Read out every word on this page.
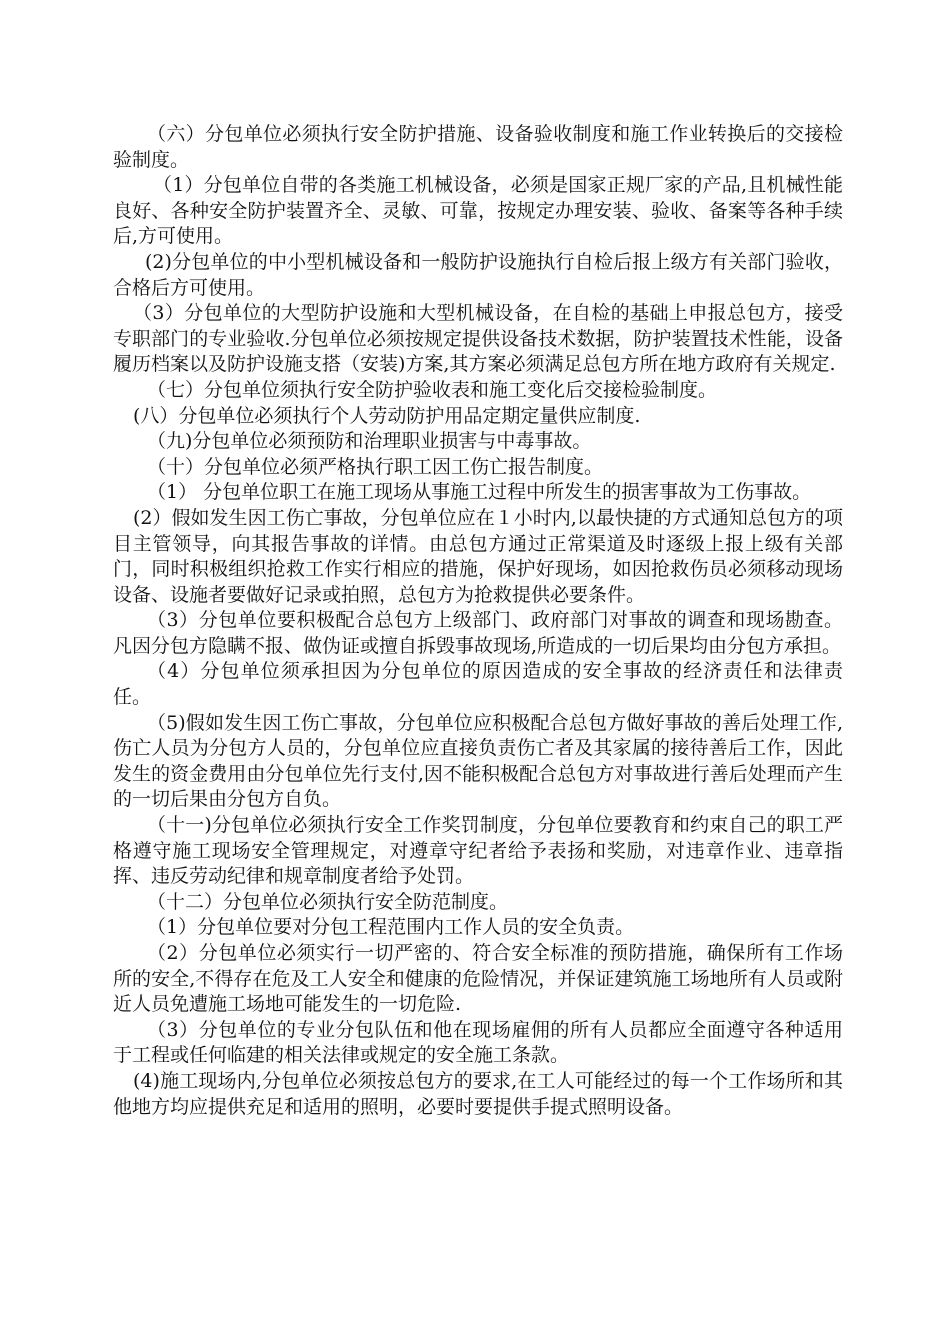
（六）分包单位必须执行安全防护措施、设备验收制度和施工作业转换后的交接检验制度。

（1）分包单位自带的各类施工机械设备，必须是国家正规厂家的产品,且机械性能良好、各种安全防护装置齐全、灵敏、可靠，按规定办理安装、验收、备案等各种手续后,方可使用。

(2)分包单位的中小型机械设备和一般防护设施执行自检后报上级方有关部门验收，合格后方可使用。

（3）分包单位的大型防护设施和大型机械设备，在自检的基础上申报总包方，接受专职部门的专业验收.分包单位必须按规定提供设备技术数据，防护装置技术性能，设备履历档案以及防护设施支搭（安装)方案,其方案必须满足总包方所在地方政府有关规定.

（七）分包单位须执行安全防护验收表和施工变化后交接检验制度。

(八）分包单位必须执行个人劳动防护用品定期定量供应制度.

（九)分包单位必须预防和治理职业损害与中毒事故。

（十）分包单位必须严格执行职工因工伤亡报告制度。

（1） 分包单位职工在施工现场从事施工过程中所发生的损害事故为工伤事故。

(2）假如发生因工伤亡事故，分包单位应在１小时内,以最快捷的方式通知总包方的项目主管领导，向其报告事故的详情。由总包方通过正常渠道及时逐级上报上级有关部门，同时积极组织抢救工作实行相应的措施，保护好现场，如因抢救伤员必须移动现场设备、设施者要做好记录或拍照，总包方为抢救提供必要条件。

（3）分包单位要积极配合总包方上级部门、政府部门对事故的调查和现场勘查。凡因分包方隐瞒不报、做伪证或擅自拆毁事故现场,所造成的一切后果均由分包方承担。

（4）分包单位须承担因为分包单位的原因造成的安全事故的经济责任和法律责任。

（5)假如发生因工伤亡事故，分包单位应积极配合总包方做好事故的善后处理工作,伤亡人员为分包方人员的，分包单位应直接负责伤亡者及其家属的接待善后工作，因此发生的资金费用由分包单位先行支付,因不能积极配合总包方对事故进行善后处理而产生的一切后果由分包方自负。

（十一)分包单位必须执行安全工作奖罚制度，分包单位要教育和约束自己的职工严格遵守施工现场安全管理规定，对遵章守纪者给予表扬和奖励，对违章作业、违章指挥、违反劳动纪律和规章制度者给予处罚。

（十二）分包单位必须执行安全防范制度。

（1）分包单位要对分包工程范围内工作人员的安全负责。

（2）分包单位必须实行一切严密的、符合安全标准的预防措施，确保所有工作场所的安全,不得存在危及工人安全和健康的危险情况，并保证建筑施工场地所有人员或附近人员免遭施工场地可能发生的一切危险.

（3）分包单位的专业分包队伍和他在现场雇佣的所有人员都应全面遵守各种适用于工程或任何临建的相关法律或规定的安全施工条款。

(4)施工现场内,分包单位必须按总包方的要求,在工人可能经过的每一个工作场所和其他地方均应提供充足和适用的照明，必要时要提供手提式照明设备。
